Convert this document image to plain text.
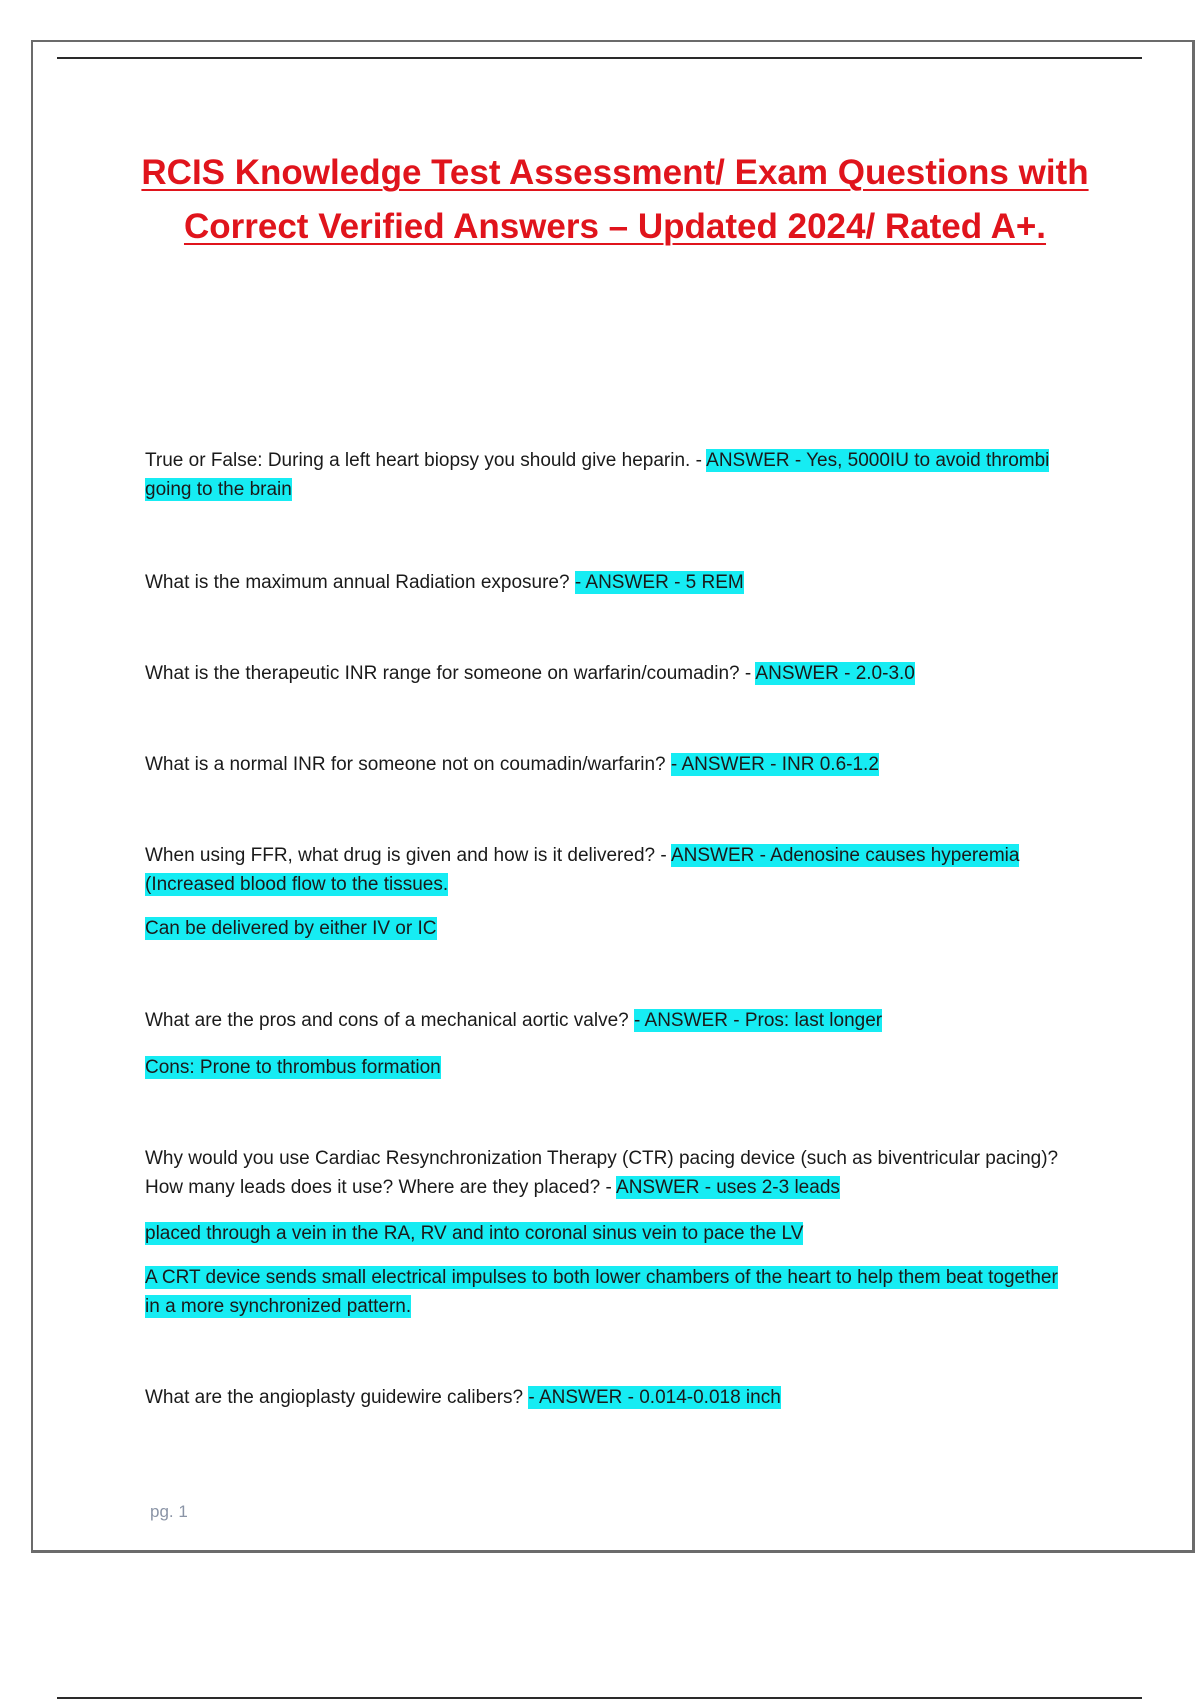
RCIS Knowledge Test Assessment/ Exam Questions with
Correct Verified Answers – Updated 2024/ Rated A+.
True or False: During a left heart biopsy you should give heparin. - ANSWER - Yes, 5000IU to avoid thrombi going to the brain
What is the maximum annual Radiation exposure? - ANSWER - 5 REM
What is the therapeutic INR range for someone on warfarin/coumadin? - ANSWER - 2.0-3.0
What is a normal INR for someone not on coumadin/warfarin? - ANSWER - INR 0.6-1.2
When using FFR, what drug is given and how is it delivered? - ANSWER - Adenosine causes hyperemia (Increased blood flow to the tissues.
Can be delivered by either IV or IC
What are the pros and cons of a mechanical aortic valve? - ANSWER - Pros: last longer
Cons: Prone to thrombus formation
Why would you use Cardiac Resynchronization Therapy (CTR) pacing device (such as biventricular pacing)? How many leads does it use? Where are they placed? - ANSWER - uses 2-3 leads
placed through a vein in the RA, RV and into coronal sinus vein to pace the LV
A CRT device sends small electrical impulses to both lower chambers of the heart to help them beat together in a more synchronized pattern.
What are the angioplasty guidewire calibers? - ANSWER - 0.014-0.018 inch
pg. 1
